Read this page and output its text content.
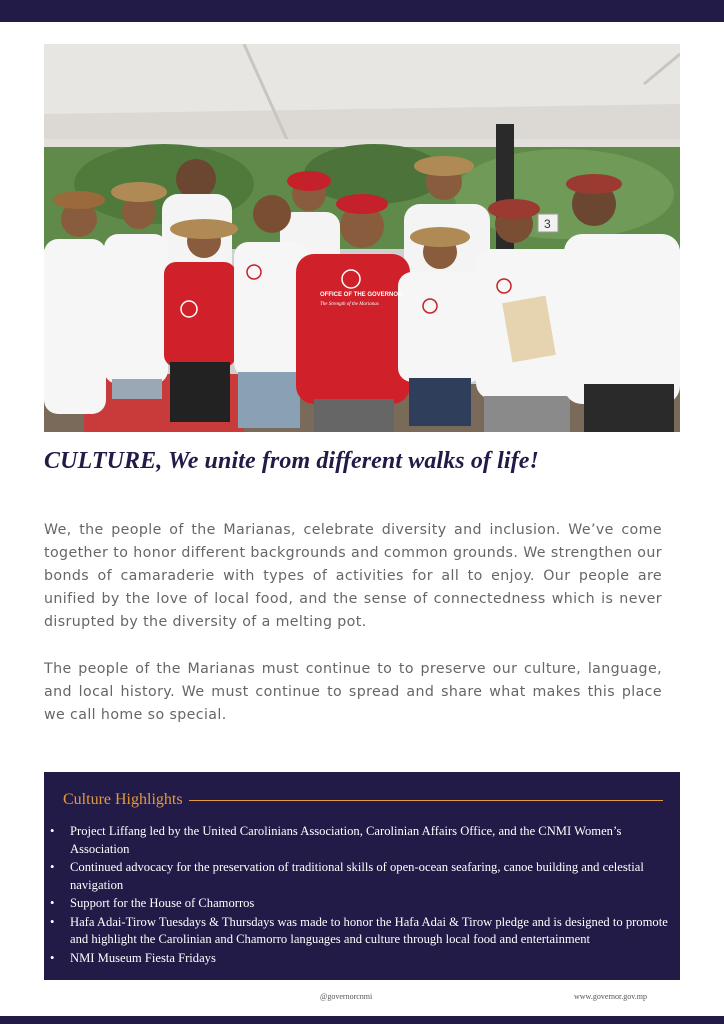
3
OFFICE OF THE GOVERNOR
The Strength of the Marianas
CULTURE, We unite from different walks of life!

We, the people of the Marianas, celebrate diversity and inclusion. We’ve come together to honor different backgrounds and common grounds. We strengthen our bonds of camaraderie with types of activities for all to enjoy. Our people are unified by the love of local food, and the sense of connectedness which is never disrupted by the diversity of a melting pot.

The people of the Marianas must continue to to preserve our culture, language, and local history. We must continue to spread and share what makes this place we call home so special.

Culture Highlights
• Project Liffang led by the United Carolinians Association, Carolinian Affairs Office, and the CNMI Women’s Association
• Continued advocacy for the preservation of traditional skills of open-ocean seafaring, canoe building and celestial navigation
• Support for the House of Chamorros
• Hafa Adai-Tirow Tuesdays & Thursdays was made to honor the Hafa Adai & Tirow pledge and is designed to promote and highlight the Carolinian and Chamorro languages and culture through local food and entertainment
• NMI Museum Fiesta Fridays
@governorcnmi	www.governor.gov.mp
